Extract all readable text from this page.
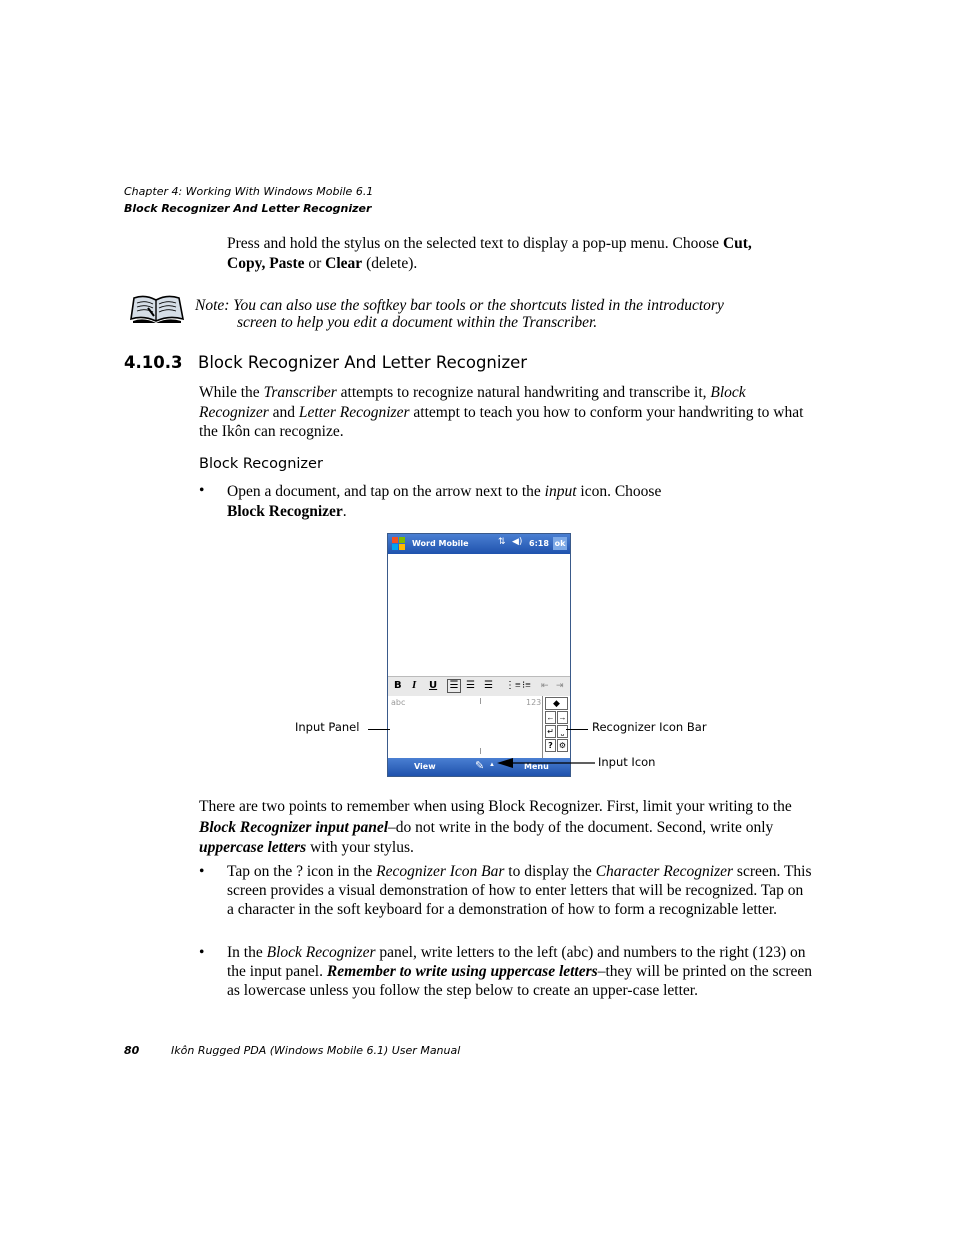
Chapter 4: Working With Windows Mobile 6.1
Block Recognizer And Letter Recognizer
Press and hold the stylus on the selected text to display a pop-up menu. Choose Cut,
Copy, Paste or Clear (delete).
Note: You can also use the softkey bar tools or the shortcuts listed in the introductory
screen to help you edit a document within the Transcriber.
4.10.3 Block Recognizer And Letter Recognizer
While the Transcriber attempts to recognize natural handwriting and transcribe it, Block Recognizer and Letter Recognizer attempt to teach you how to conform your handwriting to what the Ikôn can recognize.
Block Recognizer
• Open a document, and tap on the arrow next to the input icon. Choose
Block Recognizer.
Word Mobile	⇅ ◀) 6:18 ok
B I U ☰ ☰ ☰ ⋮≡ ⁝≡ ⇤ ⇥
abc	123	◆
← →
↵ ⎵
? ⚙
View	✎ ▲	Menu
Input Panel	Recognizer Icon Bar
Input Icon
There are two points to remember when using Block Recognizer. First, limit your writing to the Block Recognizer input panel–do not write in the body of the document. Second, write only uppercase letters with your stylus.
• Tap on the ? icon in the Recognizer Icon Bar to display the Character Recognizer screen. This screen provides a visual demonstration of how to enter letters that will be recognized. Tap on a character in the soft keyboard for a demonstration of how to form a recognizable letter.
• In the Block Recognizer panel, write letters to the left (abc) and numbers to the right (123) on the input panel. Remember to write using uppercase letters–they will be printed on the screen as lowercase unless you follow the step below to create an upper-case letter.
80	Ikôn Rugged PDA (Windows Mobile 6.1) User Manual
